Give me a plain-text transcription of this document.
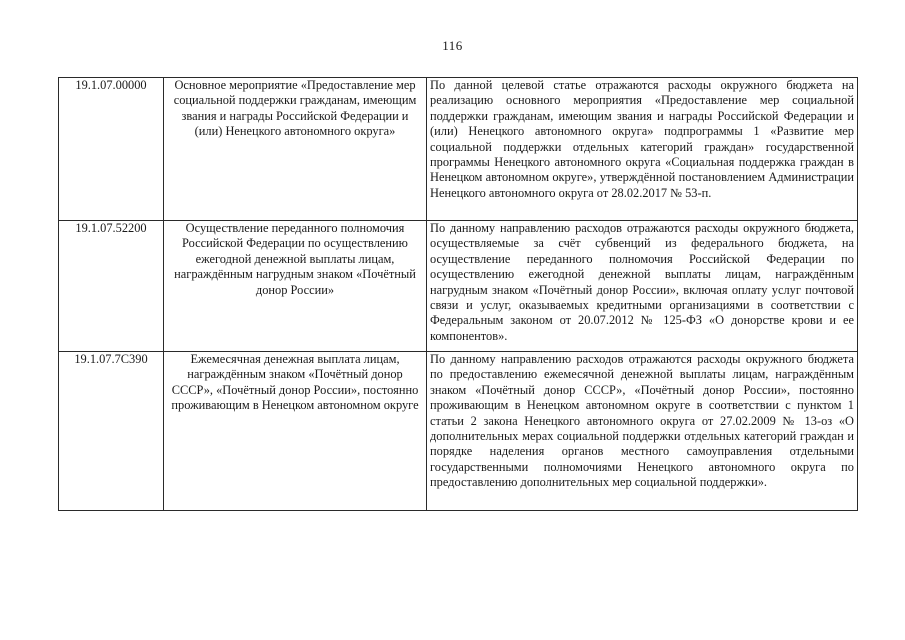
116
19.1.07.00000	Основное мероприятие «Предоставление мер социальной поддержки гражданам, имеющим звания и награды Российской Федерации и (или) Ненецкого автономного округа»	По данной целевой статье отражаются расходы окружного бюджета на реализацию основного мероприятия «Предоставление мер социальной поддержки гражданам, имеющим звания и награды Российской Федерации и (или) Ненецкого автономного округа» подпрограммы 1 «Развитие мер социальной поддержки отдельных категорий граждан» государственной программы Ненецкого автономного округа «Социальная поддержка граждан в Ненецком автономном округе», утверждённой постановлением Администрации Ненецкого автономного округа от 28.02.2017 № 53-п.
19.1.07.52200	Осуществление переданного полномочия Российской Федерации по осуществлению ежегодной денежной выплаты лицам, награждённым нагрудным знаком «Почётный донор России»	По данному направлению расходов отражаются расходы окружного бюджета, осуществляемые за счёт субвенций из федерального бюджета, на осуществление переданного полномочия Российской Федерации по осуществлению ежегодной денежной выплаты лицам, награждённым нагрудным знаком «Почётный донор России», включая оплату услуг почтовой связи и услуг, оказываемых кредитными организациями в соответствии с Федеральным законом от 20.07.2012 № 125-ФЗ «О донорстве крови и ее компонентов».
19.1.07.7С390	Ежемесячная денежная выплата лицам, награждённым знаком «Почётный донор СССР», «Почётный донор России», постоянно проживающим в Ненецком автономном округе	По данному направлению расходов отражаются расходы окружного бюджета по предоставлению ежемесячной денежной выплаты лицам, награждённым знаком «Почётный донор СССР», «Почётный донор России», постоянно проживающим в Ненецком автономном округе в соответствии с пунктом 1 статьи 2 закона Ненецкого автономного округа от 27.02.2009 № 13-оз «О дополнительных мерах социальной поддержки отдельных категорий граждан и порядке наделения органов местного самоуправления отдельными государственными полномочиями Ненецкого автономного округа по предоставлению дополнительных мер социальной поддержки».
